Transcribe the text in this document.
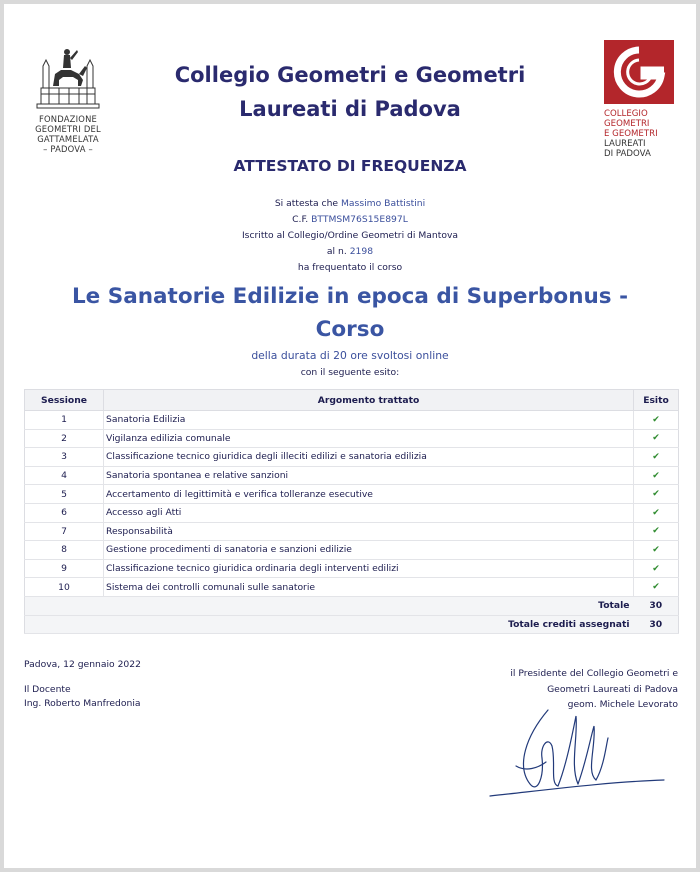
FONDAZIONE
GEOMETRI DEL
GATTAMELATA
– PADOVA –
Collegio Geometri e Geometri
Laureati di Padova	COLLEGIO
GEOMETRI
E GEOMETRI
LAUREATI
DI PADOVA
ATTESTATO DI FREQUENZA
Si attesta che Massimo Battistini
C.F. BTTMSM76S15E897L
Iscritto al Collegio/Ordine Geometri di Mantova
al n. 2198
ha frequentato il corso
Le Sanatorie Edilizie in epoca di Superbonus -
Corso
della durata di 20 ore svoltosi online
con il seguente esito:
Sessione	Argomento trattato	Esito
1	Sanatoria Edilizia	✔
2	Vigilanza edilizia comunale	✔
3	Classificazione tecnico giuridica degli illeciti edilizi e sanatoria edilizia	✔
4	Sanatoria spontanea e relative sanzioni	✔
5	Accertamento di legittimità e verifica tolleranze esecutive	✔
6	Accesso agli Atti	✔
7	Responsabilità	✔
8	Gestione procedimenti di sanatoria e sanzioni edilizie	✔
9	Classificazione tecnico giuridica ordinaria degli interventi edilizi	✔
10	Sistema dei controlli comunali sulle sanatorie	✔
Totale		30
Totale crediti assegnati		30
Padova, 12 gennaio 2022
Il Docente
Ing. Roberto Manfredonia
il Presidente del Collegio Geometri e
Geometri Laureati di Padova
geom. Michele Levorato
